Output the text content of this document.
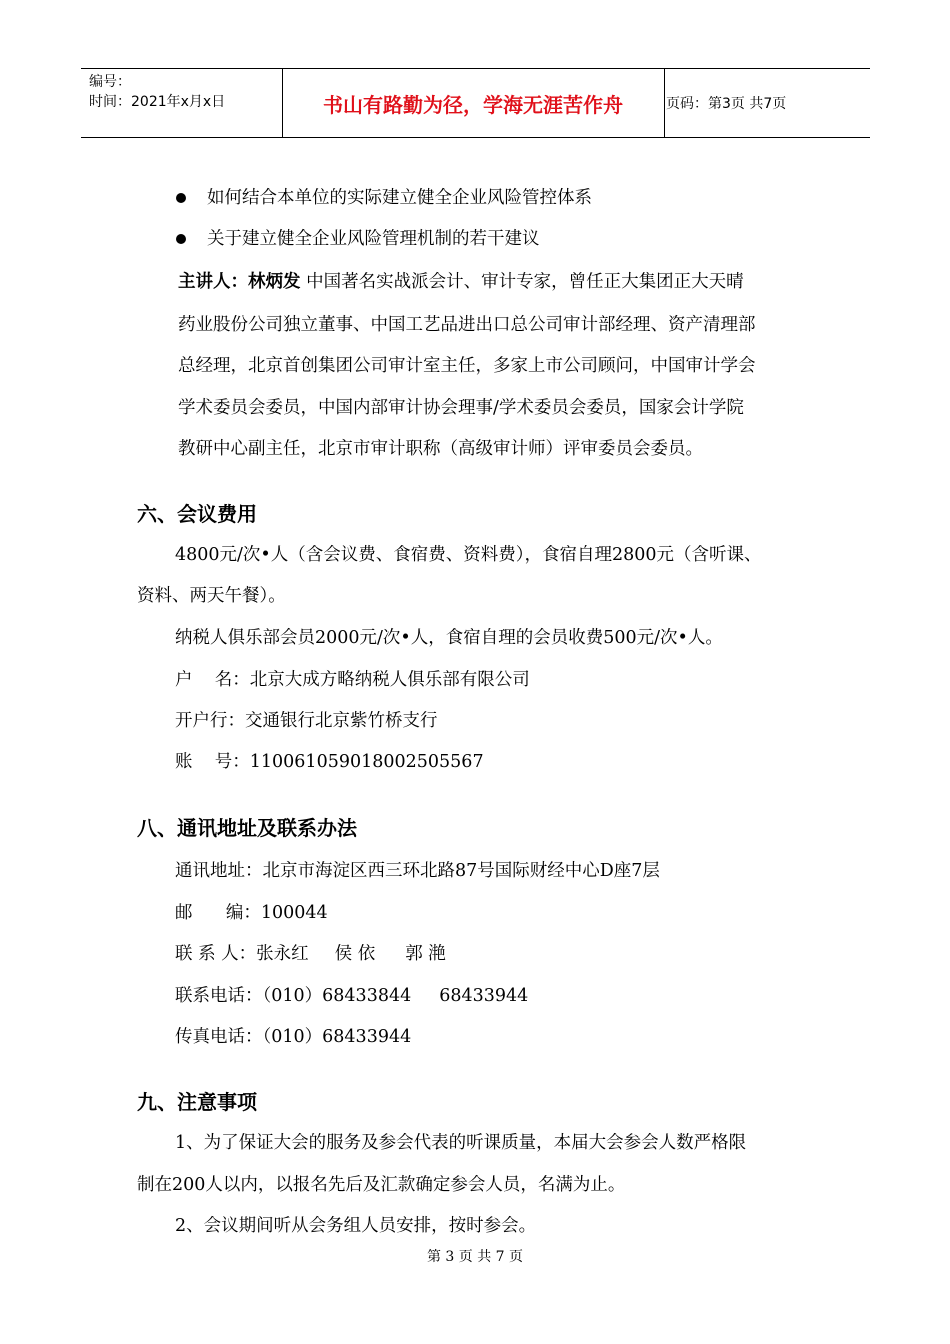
编号：
时间：2021年x月x日	书山有路勤为径，学海无涯苦作舟	页码：第3页 共7页
如何结合本单位的实际建立健全企业风险管控体系
关于建立健全企业风险管理机制的若干建议
主讲人：林炳发 中国著名实战派会计、审计专家，曾任正大集团正大天晴
药业股份公司独立董事、中国工艺品进出口总公司审计部经理、资产清理部
总经理，北京首创集团公司审计室主任，多家上市公司顾问，中国审计学会
学术委员会委员，中国内部审计协会理事/学术委员会委员，国家会计学院
教研中心副主任，北京市审计职称（高级审计师）评审委员会委员。
六、会议费用
4800元/次•人（含会议费、食宿费、资料费），食宿自理2800元（含听课、
资料、两天午餐）。
纳税人俱乐部会员2000元/次•人，食宿自理的会员收费500元/次•人。
户    名：北京大成方略纳税人俱乐部有限公司
开户行：交通银行北京紫竹桥支行
账    号：110061059018002505567
八、通讯地址及联系办法
通讯地址：北京市海淀区西三环北路87号国际财经中心D座7层
邮      编：100044
联 系 人：张永红 侯 依 郭 滟
联系电话：（010）68433844 68433944
传真电话：（010）68433944
九、注意事项
1、为了保证大会的服务及参会代表的听课质量，本届大会参会人数严格限
制在200人以内，以报名先后及汇款确定参会人员，名满为止。
2、会议期间听从会务组人员安排，按时参会。
第 3 页 共 7 页
